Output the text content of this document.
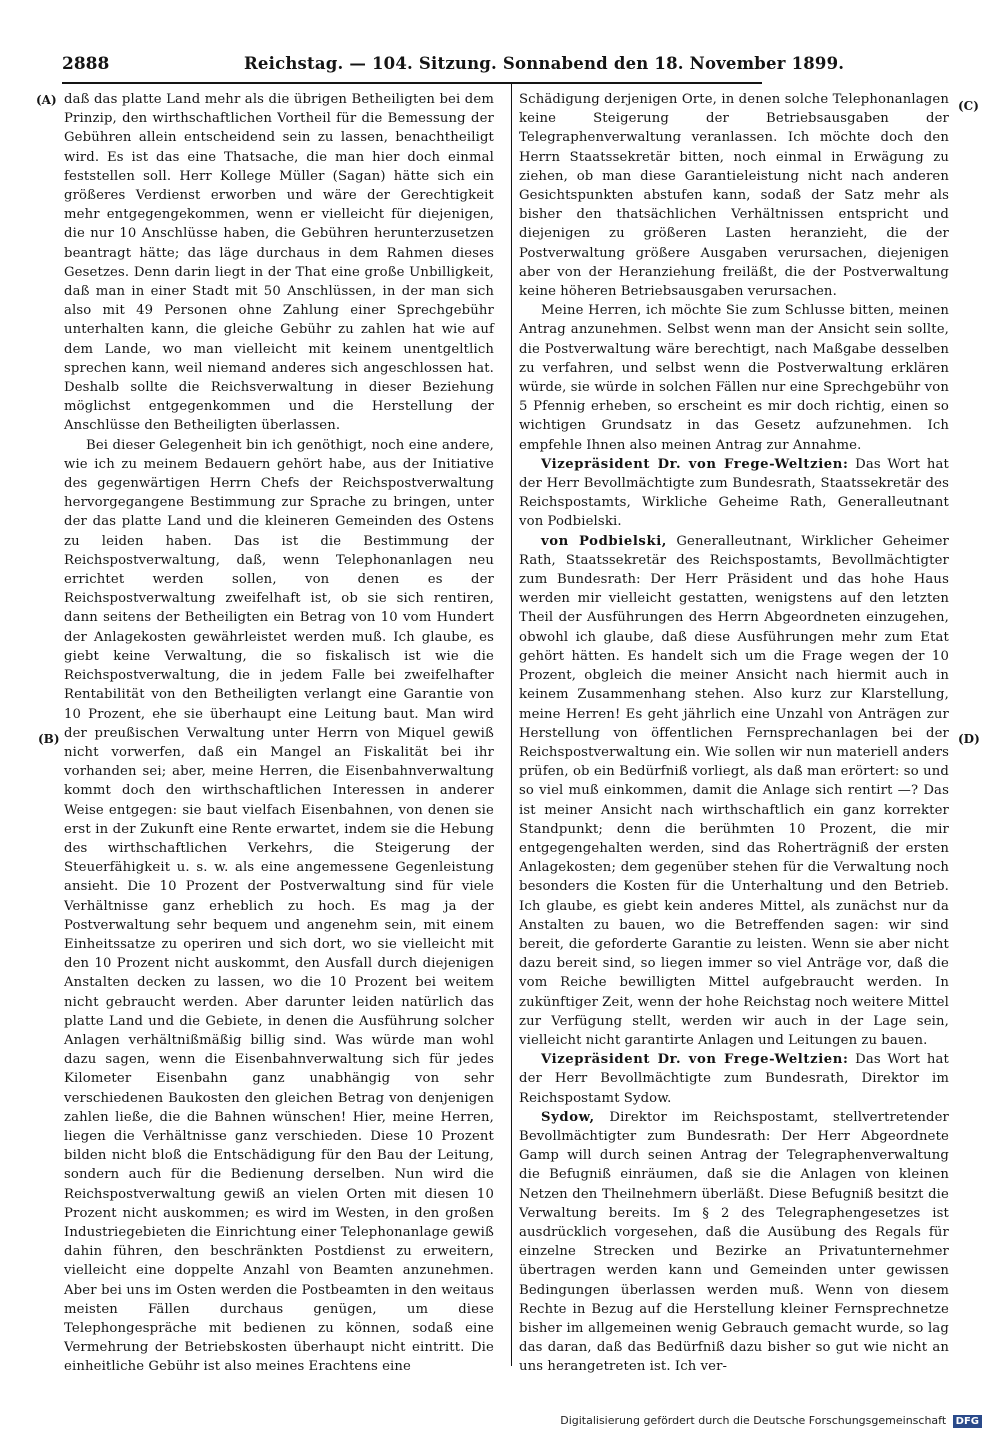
2888	Reichstag. — 104. Sitzung. Sonnabend den 18. November 1899.
(A)
(B)
(C)
(D)

daß das platte Land mehr als die übrigen Betheiligten bei dem Prinzip, den wirthschaftlichen Vortheil für die Bemessung der Gebühren allein entscheidend sein zu lassen, benachtheiligt wird. Es ist das eine Thatsache, die man hier doch einmal feststellen soll. Herr Kollege Müller (Sagan) hätte sich ein größeres Verdienst erworben und wäre der Gerechtigkeit mehr entgegengekommen, wenn er vielleicht für diejenigen, die nur 10 Anschlüsse haben, die Gebühren herunterzusetzen beantragt hätte; das läge durchaus in dem Rahmen dieses Gesetzes. Denn darin liegt in der That eine große Unbilligkeit, daß man in einer Stadt mit 50 Anschlüssen, in der man sich also mit 49 Personen ohne Zahlung einer Sprechgebühr unterhalten kann, die gleiche Gebühr zu zahlen hat wie auf dem Lande, wo man vielleicht mit keinem unentgeltlich sprechen kann, weil niemand anderes sich angeschlossen hat. Deshalb sollte die Reichsverwaltung in dieser Beziehung möglichst entgegenkommen und die Herstellung der Anschlüsse den Betheiligten überlassen.

Bei dieser Gelegenheit bin ich genöthigt, noch eine andere, wie ich zu meinem Bedauern gehört habe, aus der Initiative des gegenwärtigen Herrn Chefs der Reichspostverwaltung hervorgegangene Bestimmung zur Sprache zu bringen, unter der das platte Land und die kleineren Gemeinden des Ostens zu leiden haben. Das ist die Bestimmung der Reichspostverwaltung, daß, wenn Telephonanlagen neu errichtet werden sollen, von denen es der Reichspostverwaltung zweifelhaft ist, ob sie sich rentiren, dann seitens der Betheiligten ein Betrag von 10 vom Hundert der Anlagekosten gewährleistet werden muß. Ich glaube, es giebt keine Verwaltung, die so fiskalisch ist wie die Reichspostverwaltung, die in jedem Falle bei zweifelhafter Rentabilität von den Betheiligten verlangt eine Garantie von 10 Prozent, ehe sie überhaupt eine Leitung baut. Man wird der preußischen Verwaltung unter Herrn von Miquel gewiß nicht vorwerfen, daß ein Mangel an Fiskalität bei ihr vorhanden sei; aber, meine Herren, die Eisenbahnverwaltung kommt doch den wirthschaftlichen Interessen in anderer Weise entgegen: sie baut vielfach Eisenbahnen, von denen sie erst in der Zukunft eine Rente erwartet, indem sie die Hebung des wirthschaftlichen Verkehrs, die Steigerung der Steuerfähigkeit u. s. w. als eine angemessene Gegenleistung ansieht. Die 10 Prozent der Postverwaltung sind für viele Verhältnisse ganz erheblich zu hoch. Es mag ja der Postverwaltung sehr bequem und angenehm sein, mit einem Einheitssatze zu operiren und sich dort, wo sie vielleicht mit den 10 Prozent nicht auskommt, den Ausfall durch diejenigen Anstalten decken zu lassen, wo die 10 Prozent bei weitem nicht gebraucht werden. Aber darunter leiden natürlich das platte Land und die Gebiete, in denen die Ausführung solcher Anlagen verhältnißmäßig billig sind. Was würde man wohl dazu sagen, wenn die Eisenbahnverwaltung sich für jedes Kilometer Eisenbahn ganz unabhängig von sehr verschiedenen Baukosten den gleichen Betrag von denjenigen zahlen ließe, die die Bahnen wünschen! Hier, meine Herren, liegen die Verhältnisse ganz verschieden. Diese 10 Prozent bilden nicht bloß die Entschädigung für den Bau der Leitung, sondern auch für die Bedienung derselben. Nun wird die Reichspostverwaltung gewiß an vielen Orten mit diesen 10 Prozent nicht auskommen; es wird im Westen, in den großen Industriegebieten die Einrichtung einer Telephonanlage gewiß dahin führen, den beschränkten Postdienst zu erweitern, vielleicht eine doppelte Anzahl von Beamten anzunehmen. Aber bei uns im Osten werden die Postbeamten in den weitaus meisten Fällen durchaus genügen, um diese Telephongespräche mit bedienen zu können, sodaß eine Vermehrung der Betriebskosten überhaupt nicht eintritt. Die einheitliche Gebühr ist also meines Erachtens eine

Schädigung derjenigen Orte, in denen solche Telephonanlagen keine Steigerung der Betriebsausgaben der Telegraphenverwaltung veranlassen. Ich möchte doch den Herrn Staatssekretär bitten, noch einmal in Erwägung zu ziehen, ob man diese Garantieleistung nicht nach anderen Gesichtspunkten abstufen kann, sodaß der Satz mehr als bisher den thatsächlichen Verhältnissen entspricht und diejenigen zu größeren Lasten heranzieht, die der Postverwaltung größere Ausgaben verursachen, diejenigen aber von der Heranziehung freiläßt, die der Postverwaltung keine höheren Betriebsausgaben verursachen.

Meine Herren, ich möchte Sie zum Schlusse bitten, meinen Antrag anzunehmen. Selbst wenn man der Ansicht sein sollte, die Postverwaltung wäre berechtigt, nach Maßgabe desselben zu verfahren, und selbst wenn die Postverwaltung erklären würde, sie würde in solchen Fällen nur eine Sprechgebühr von 5 Pfennig erheben, so erscheint es mir doch richtig, einen so wichtigen Grundsatz in das Gesetz aufzunehmen. Ich empfehle Ihnen also meinen Antrag zur Annahme.

Vizepräsident Dr. von Frege-Weltzien: Das Wort hat der Herr Bevollmächtigte zum Bundesrath, Staatssekretär des Reichspostamts, Wirkliche Geheime Rath, Generalleutnant von Podbielski.

von Podbielski, Generalleutnant, Wirklicher Geheimer Rath, Staatssekretär des Reichspostamts, Bevollmächtigter zum Bundesrath: Der Herr Präsident und das hohe Haus werden mir vielleicht gestatten, wenigstens auf den letzten Theil der Ausführungen des Herrn Abgeordneten einzugehen, obwohl ich glaube, daß diese Ausführungen mehr zum Etat gehört hätten. Es handelt sich um die Frage wegen der 10 Prozent, obgleich die meiner Ansicht nach hiermit auch in keinem Zusammenhang stehen. Also kurz zur Klarstellung, meine Herren! Es geht jährlich eine Unzahl von Anträgen zur Herstellung von öffentlichen Fernsprechanlagen bei der Reichspostverwaltung ein. Wie sollen wir nun materiell anders prüfen, ob ein Bedürfniß vorliegt, als daß man erörtert: so und so viel muß einkommen, damit die Anlage sich rentirt —? Das ist meiner Ansicht nach wirthschaftlich ein ganz korrekter Standpunkt; denn die berühmten 10 Prozent, die mir entgegengehalten werden, sind das Roherträgniß der ersten Anlagekosten; dem gegenüber stehen für die Verwaltung noch besonders die Kosten für die Unterhaltung und den Betrieb. Ich glaube, es giebt kein anderes Mittel, als zunächst nur da Anstalten zu bauen, wo die Betreffenden sagen: wir sind bereit, die geforderte Garantie zu leisten. Wenn sie aber nicht dazu bereit sind, so liegen immer so viel Anträge vor, daß die vom Reiche bewilligten Mittel aufgebraucht werden. In zukünftiger Zeit, wenn der hohe Reichstag noch weitere Mittel zur Verfügung stellt, werden wir auch in der Lage sein, vielleicht nicht garantirte Anlagen und Leitungen zu bauen.

Vizepräsident Dr. von Frege-Weltzien: Das Wort hat der Herr Bevollmächtigte zum Bundesrath, Direktor im Reichspostamt Sydow.

Sydow, Direktor im Reichspostamt, stellvertretender Bevollmächtigter zum Bundesrath: Der Herr Abgeordnete Gamp will durch seinen Antrag der Telegraphenverwaltung die Befugniß einräumen, daß sie die Anlagen von kleinen Netzen den Theilnehmern überläßt. Diese Befugniß besitzt die Verwaltung bereits. Im § 2 des Telegraphengesetzes ist ausdrücklich vorgesehen, daß die Ausübung des Regals für einzelne Strecken und Bezirke an Privatunternehmer übertragen werden kann und Gemeinden unter gewissen Bedingungen überlassen werden muß. Wenn von diesem Rechte in Bezug auf die Herstellung kleiner Fernsprechnetze bisher im allgemeinen wenig Gebrauch gemacht wurde, so lag das daran, daß das Bedürfniß dazu bisher so gut wie nicht an uns herangetreten ist. Ich ver-

Digitalisierung gefördert durch die Deutsche Forschungsgemeinschaft DFG
